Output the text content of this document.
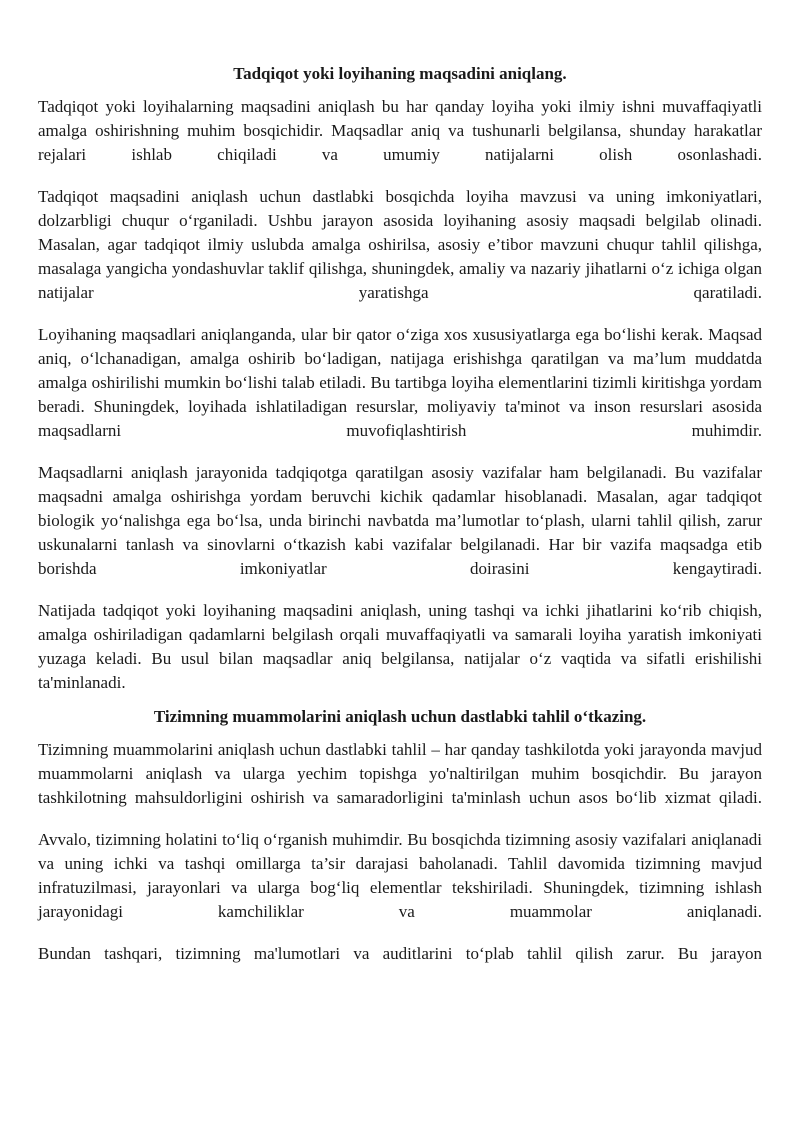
Tadqiqot yoki loyihaning maqsadini aniqlang.

Tadqiqot yoki loyihalarning maqsadini aniqlash bu har qanday loyiha yoki ilmiy ishni muvaffaqiyatli amalga oshirishning muhim bosqichidir. Maqsadlar aniq va tushunarli belgilansa, shunday harakatlar rejalari ishlab chiqiladi va umumiy natijalarni olish osonlashadi.

Tadqiqot maqsadini aniqlash uchun dastlabki bosqichda loyiha mavzusi va uning imkoniyatlari, dolzarbligi chuqur o‘rganiladi. Ushbu jarayon asosida loyihaning asosiy maqsadi belgilab olinadi. Masalan, agar tadqiqot ilmiy uslubda amalga oshirilsa, asosiy e’tibor mavzuni chuqur tahlil qilishga, masalaga yangicha yondashuvlar taklif qilishga, shuningdek, amaliy va nazariy jihatlarni o‘z ichiga olgan natijalar yaratishga qaratiladi.

Loyihaning maqsadlari aniqlanganda, ular bir qator o‘ziga xos xususiyatlarga ega bo‘lishi kerak. Maqsad aniq, o‘lchanadigan, amalga oshirib bo‘ladigan, natijaga erishishga qaratilgan va ma’lum muddatda amalga oshirilishi mumkin bo‘lishi talab etiladi. Bu tartibga loyiha elementlarini tizimli kiritishga yordam beradi. Shuningdek, loyihada ishlatiladigan resurslar, moliyaviy ta'minot va inson resurslari asosida maqsadlarni muvofiqlashtirish muhimdir.

Maqsadlarni aniqlash jarayonida tadqiqotga qaratilgan asosiy vazifalar ham belgilanadi. Bu vazifalar maqsadni amalga oshirishga yordam beruvchi kichik qadamlar hisoblanadi. Masalan, agar tadqiqot biologik yo‘nalishga ega bo‘lsa, unda birinchi navbatda ma’lumotlar to‘plash, ularni tahlil qilish, zarur uskunalarni tanlash va sinovlarni o‘tkazish kabi vazifalar belgilanadi. Har bir vazifa maqsadga etib borishda imkoniyatlar doirasini kengaytiradi.

Natijada tadqiqot yoki loyihaning maqsadini aniqlash, uning tashqi va ichki jihatlarini ko‘rib chiqish, amalga oshiriladigan qadamlarni belgilash orqali muvaffaqiyatli va samarali loyiha yaratish imkoniyati yuzaga keladi. Bu usul bilan maqsadlar aniq belgilansa, natijalar o‘z vaqtida va sifatli erishilishi ta'minlanadi.

Tizimning muammolarini aniqlash uchun dastlabki tahlil o‘tkazing.

Tizimning muammolarini aniqlash uchun dastlabki tahlil – har qanday tashkilotda yoki jarayonda mavjud muammolarni aniqlash va ularga yechim topishga yo'naltirilgan muhim bosqichdir. Bu jarayon tashkilotning mahsuldorligini oshirish va samaradorligini ta'minlash uchun asos bo‘lib xizmat qiladi.

Avvalo, tizimning holatini to‘liq o‘rganish muhimdir. Bu bosqichda tizimning asosiy vazifalari aniqlanadi va uning ichki va tashqi omillarga ta’sir darajasi baholanadi. Tahlil davomida tizimning mavjud infratuzilmasi, jarayonlari va ularga bog‘liq elementlar tekshiriladi. Shuningdek, tizimning ishlash jarayonidagi kamchiliklar va muammolar aniqlanadi.

Bundan tashqari, tizimning ma'lumotlari va auditlarini to‘plab tahlil qilish zarur. Bu jarayon
